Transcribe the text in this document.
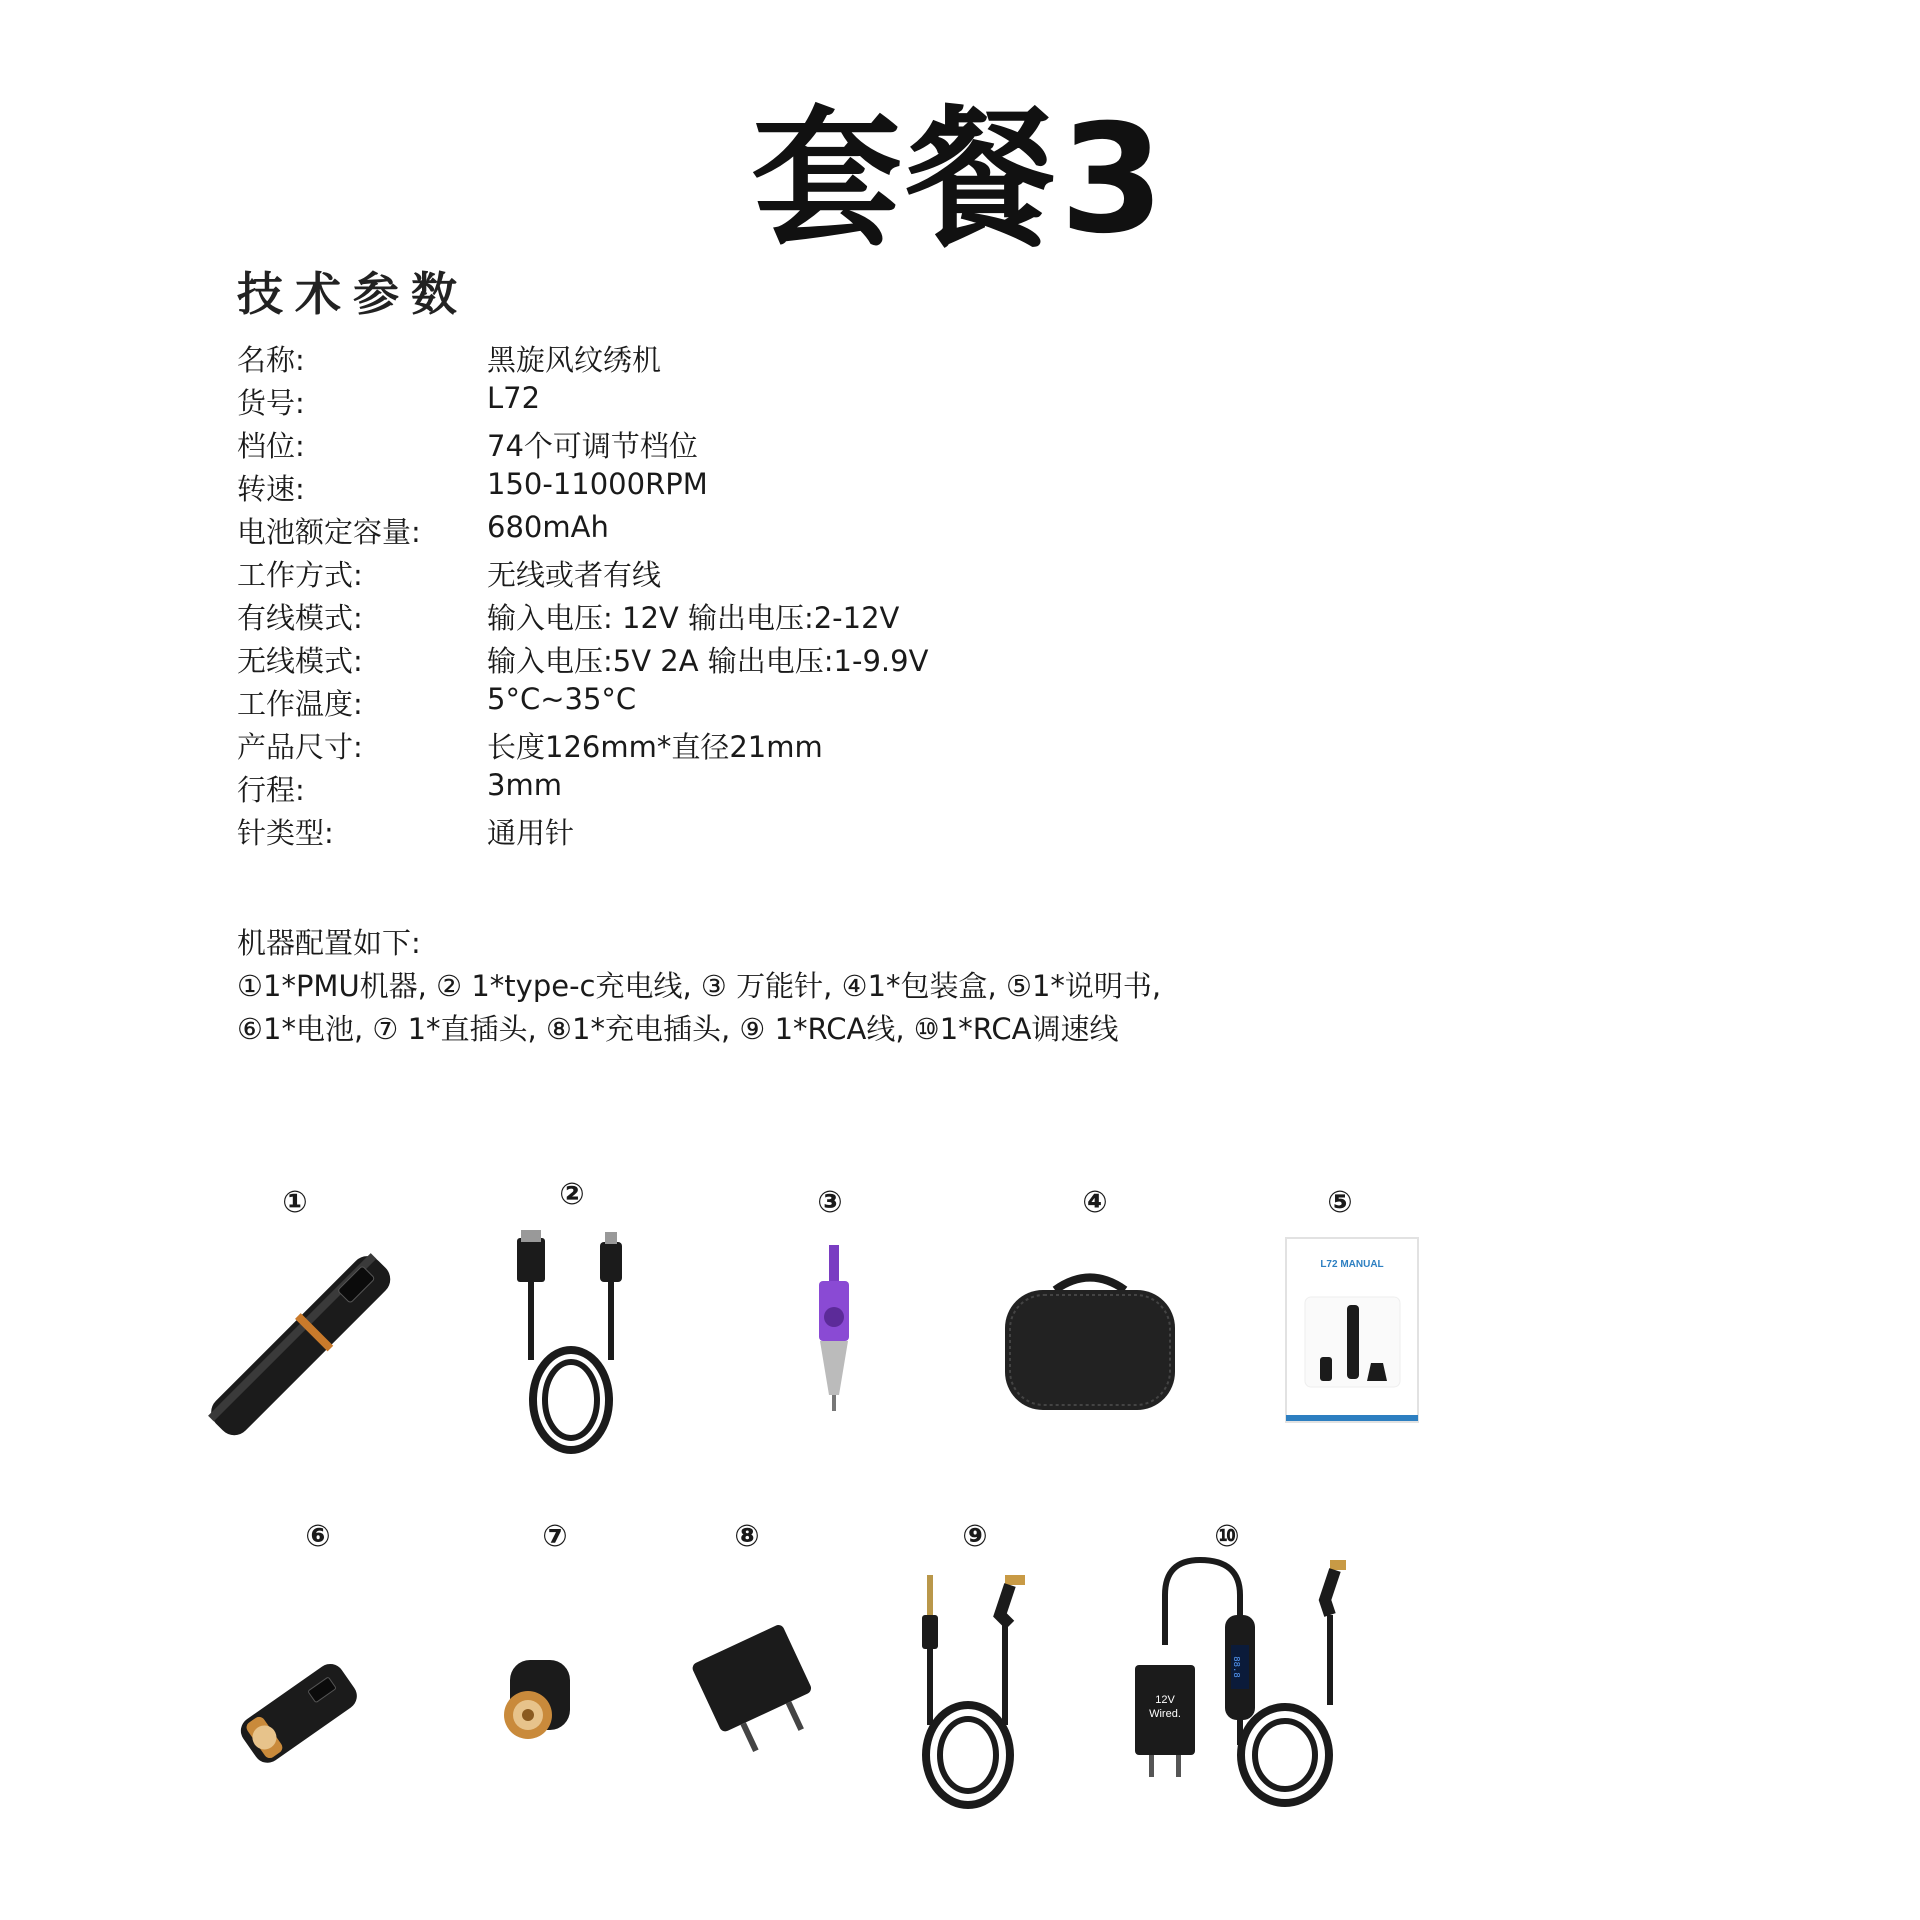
套餐3
技术参数
名称:	黑旋风纹绣机
货号:	L72
档位:	74个可调节档位
转速:	150-11000RPM
电池额定容量: 680mAh
工作方式:	无线或者有线
有线模式:	输入电压: 12V 输出电压:2-12V
无线模式:	输入电压:5V 2A 输出电压:1-9.9V
工作温度:	5°C~35°C
产品尺寸:	长度126mm*直径21mm
行程:	3mm
针类型:	通用针
机器配置如下:
①1*PMU机器, ② 1*type-c充电线, ③ 万能针, ④1*包装盒, ⑤1*说明书,
⑥1*电池, ⑦ 1*直插头, ⑧1*充电插头, ⑨ 1*RCA线, ⑩1*RCA调速线
①	②	③	④	⑤
L72 MANUAL
⑥	⑦	⑧	⑨	⑩
12V
Wired.
88.8
